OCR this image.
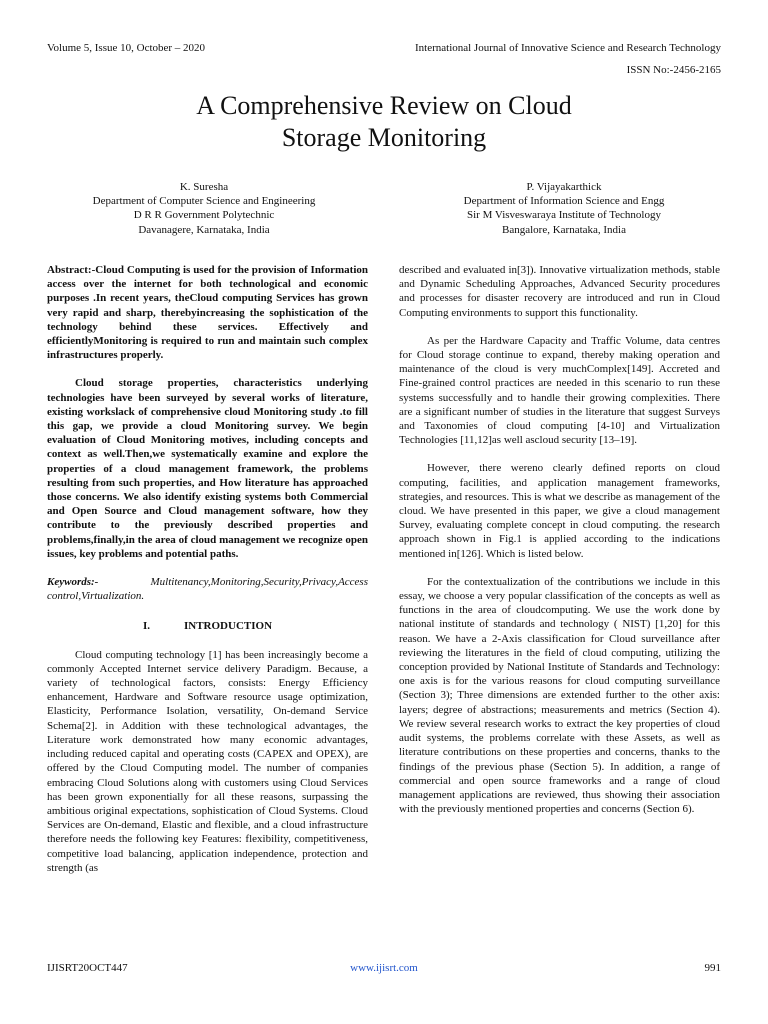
Volume 5, Issue 10, October – 2020	International Journal of Innovative Science and Research Technology
ISSN No:-2456-2165
A Comprehensive Review on Cloud
Storage Monitoring
K. Suresha
Department of Computer Science and Engineering
D R R Government Polytechnic
Davanagere, Karnataka, India
P. Vijayakarthick
Department of Information Science and Engg
Sir M Visveswaraya Institute of Technology
Bangalore, Karnataka, India

Abstract:-Cloud Computing is used for the provision of Information access over the internet for both technological and economic purposes .In recent years, theCloud computing Services has grown very rapid and sharp, therebyincreasing the sophistication of the technology behind these services. Effectively and efficientlyMonitoring is required to run and maintain such complex infrastructures properly.

Cloud storage properties, characteristics underlying technologies have been surveyed by several works of literature, existing workslack of comprehensive cloud Monitoring study .to fill this gap, we provide a cloud Monitoring survey. We begin evaluation of Cloud Monitoring motives, including concepts and context as well.Then,we systematically examine and explore the properties of a cloud management framework, the problems resulting from such properties, and How literature has approached those concerns. We also identify existing systems both Commercial and Open Source and Cloud management software, how they contribute to the previously described properties and problems,finally,in the area of cloud management we recognize open issues, key problems and potential paths.

Keywords:- Multitenancy,Monitoring,Security,Privacy,Access control,Virtualization.

I.	INTRODUCTION

Cloud computing technology [1] has been increasingly become a commonly Accepted Internet service delivery Paradigm. Because, a variety of technological factors, consists: Energy Efficiency enhancement, Hardware and Software resource usage optimization, Elasticity, Performance Isolation, versatility, On-demand Service Schema[2]. in Addition with these technological advantages, the Literature work demonstrated how many economic advantages, including reduced capital and operating costs (CAPEX and OPEX), are offered by the Cloud Computing model. The number of companies embracing Cloud Solutions along with customers using Cloud Services has been grown exponentially for all these reasons, surpassing the ambitious original expectations, sophistication of Cloud Systems. Cloud Services are On-demand, Elastic and flexible, and a cloud infrastructure therefore needs the following key Features: flexibility, competitiveness, competitive load balancing, application independence, protection and strength (as

described and evaluated in[3]). Innovative virtualization methods, stable and Dynamic Scheduling Approaches, Advanced Security procedures and processes for disaster recovery are introduced and run in Cloud Computing environments to support this functionality.

As per the Hardware Capacity and Traffic Volume, data centres for Cloud storage continue to expand, thereby making operation and maintenance of the cloud is very muchComplex[149]. Accreted and Fine-grained control practices are needed in this scenario to run these systems successfully and to handle their growing complexities. There are a significant number of studies in the literature that suggest Surveys and Taxonomies of cloud computing [4-10] and Virtualization Technologies [11,12]as well ascloud security [13–19].

However, there wereno clearly defined reports on cloud computing, facilities, and application management frameworks, strategies, and resources. This is what we describe as management of the cloud. We have presented in this paper, we give a cloud management Survey, evaluating complete concept in cloud computing. the research approach shown in Fig.1 is applied according to the indications mentioned in[126]. Which is listed below.

For the contextualization of the contributions we include in this essay, we choose a very popular classification of the concepts as well as functions in the area of cloudcomputing. We use the work done by national institute of standards and technology ( NIST) [1,20] for this reason. We have a 2-Axis classification for Cloud surveillance after reviewing the literatures in the field of cloud computing, utilizing the conception provided by National Institute of Standards and Technology: one axis is for the various reasons for cloud computing surveillance (Section 3); Three dimensions are extended further to the other axis: layers; degree of abstractions; measurements and metrics (Section 4). We review several research works to extract the key properties of cloud audit systems, the problems correlate with these Assets, as well as literature contributions on these properties and concerns, thanks to the findings of the previous phase (Section 5). In addition, a range of commercial and open source frameworks and a range of cloud management applications are reviewed, thus showing their association with the previously mentioned properties and concerns (Section 6).

IJISRT20OCT447	www.ijisrt.com	991
